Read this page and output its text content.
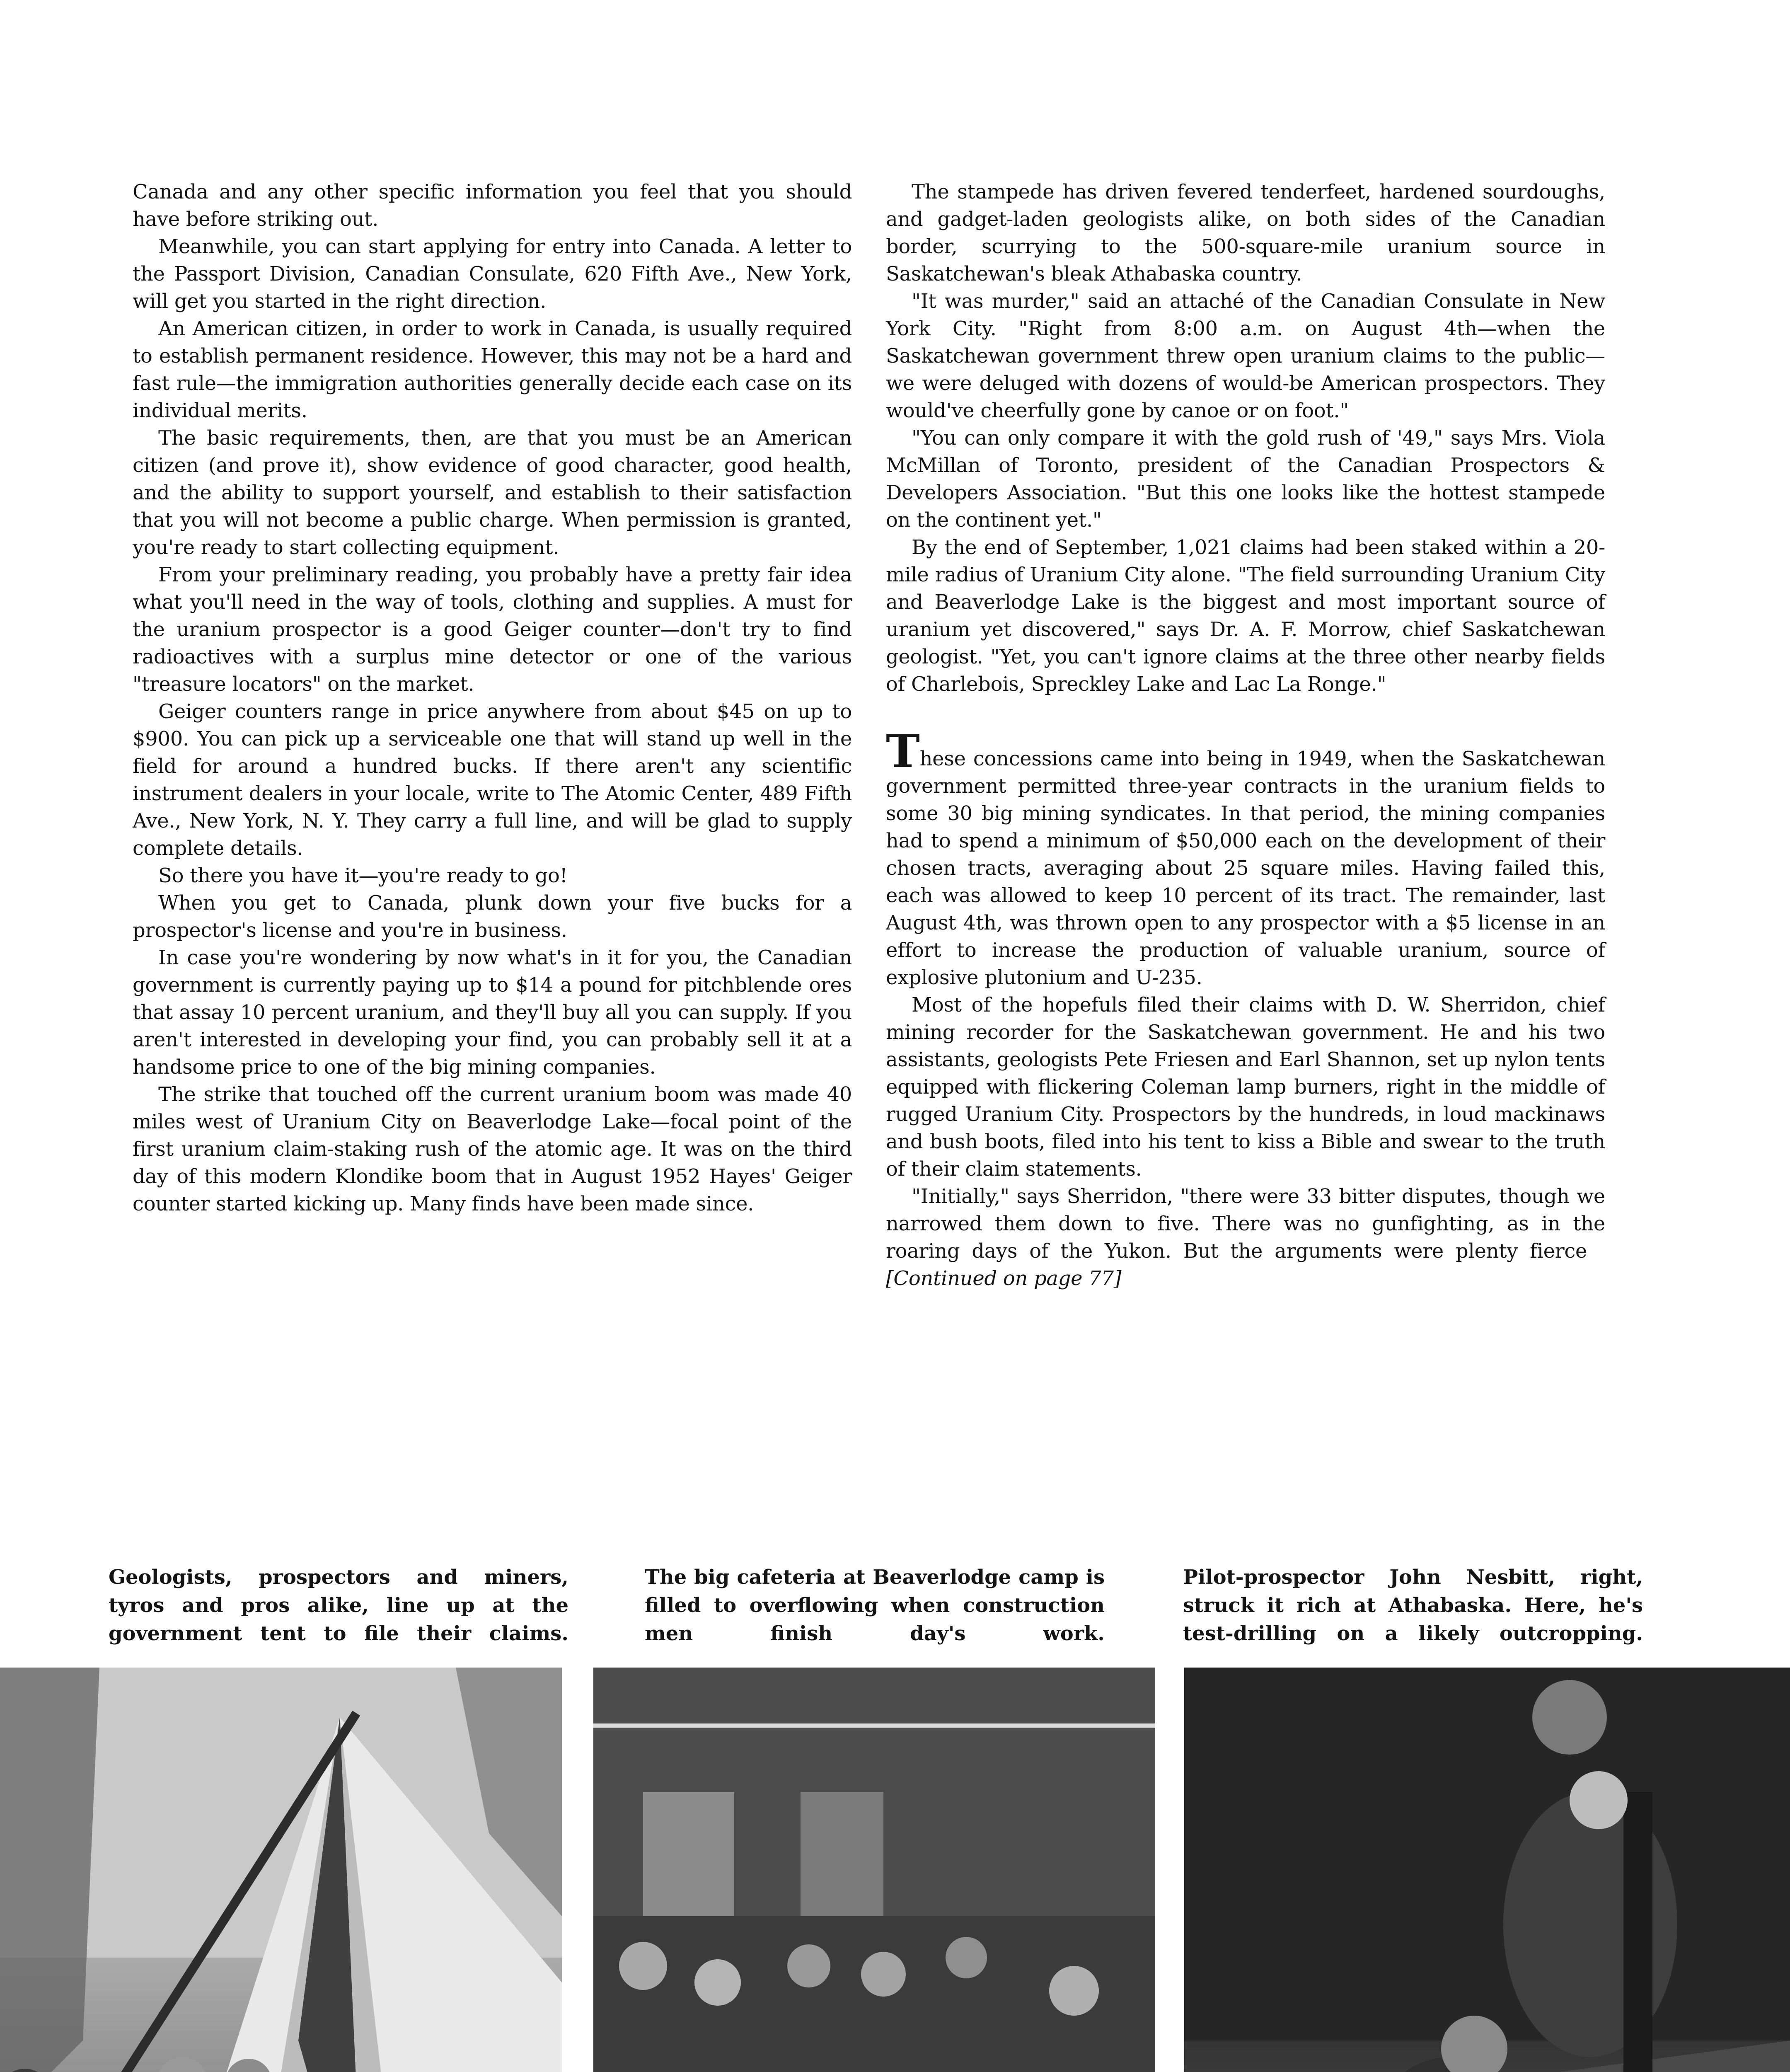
Canada and any other specific information you feel that you should have before striking out.

Meanwhile, you can start applying for entry into Canada. A letter to the Passport Division, Canadian Consulate, 620 Fifth Ave., New York, will get you started in the right direction.

An American citizen, in order to work in Canada, is usually required to establish permanent residence. However, this may not be a hard and fast rule—the immigration authorities generally decide each case on its individual merits.

The basic requirements, then, are that you must be an American citizen (and prove it), show evidence of good character, good health, and the ability to support yourself, and establish to their satisfaction that you will not become a public charge. When permission is granted, you're ready to start collecting equipment.

From your preliminary reading, you probably have a pretty fair idea what you'll need in the way of tools, clothing and supplies. A must for the uranium prospector is a good Geiger counter—don't try to find radioactives with a surplus mine detector or one of the various "treasure locators" on the market.

Geiger counters range in price anywhere from about $45 on up to $900. You can pick up a serviceable one that will stand up well in the field for around a hundred bucks. If there aren't any scientific instrument dealers in your locale, write to The Atomic Center, 489 Fifth Ave., New York, N. Y. They carry a full line, and will be glad to supply complete details.

So there you have it—you're ready to go!

When you get to Canada, plunk down your five bucks for a prospector's license and you're in business.

In case you're wondering by now what's in it for you, the Canadian government is currently paying up to $14 a pound for pitchblende ores that assay 10 percent uranium, and they'll buy all you can supply. If you aren't interested in developing your find, you can probably sell it at a handsome price to one of the big mining companies.

The strike that touched off the current uranium boom was made 40 miles west of Uranium City on Beaverlodge Lake—focal point of the first uranium claim-staking rush of the atomic age. It was on the third day of this modern Klondike boom that in August 1952 Hayes' Geiger counter started kicking up. Many finds have been made since.

The stampede has driven fevered tenderfeet, hardened sourdoughs, and gadget-laden geologists alike, on both sides of the Canadian border, scurrying to the 500-square-mile uranium source in Saskatchewan's bleak Athabaska country.

"It was murder," said an attaché of the Canadian Consulate in New York City. "Right from 8:00 a.m. on August 4th—when the Saskatchewan government threw open uranium claims to the public—we were deluged with dozens of would-be American prospectors. They would've cheerfully gone by canoe or on foot."

"You can only compare it with the gold rush of '49," says Mrs. Viola McMillan of Toronto, president of the Canadian Prospectors & Developers Association. "But this one looks like the hottest stampede on the continent yet."

By the end of September, 1,021 claims had been staked within a 20-mile radius of Uranium City alone. "The field surrounding Uranium City and Beaverlodge Lake is the biggest and most important source of uranium yet discovered," says Dr. A. F. Morrow, chief Saskatchewan geologist. "Yet, you can't ignore claims at the three other nearby fields of Charlebois, Spreckley Lake and Lac La Ronge."

These concessions came into being in 1949, when the Saskatchewan government permitted three-year contracts in the uranium fields to some 30 big mining syndicates. In that period, the mining companies had to spend a minimum of $50,000 each on the development of their chosen tracts, averaging about 25 square miles. Having failed this, each was allowed to keep 10 percent of its tract. The remainder, last August 4th, was thrown open to any prospector with a $5 license in an effort to increase the production of valuable uranium, source of explosive plutonium and U-235.

Most of the hopefuls filed their claims with D. W. Sherridon, chief mining recorder for the Saskatchewan government. He and his two assistants, geologists Pete Friesen and Earl Shannon, set up nylon tents equipped with flickering Coleman lamp burners, right in the middle of rugged Uranium City. Prospectors by the hundreds, in loud mackinaws and bush boots, filed into his tent to kiss a Bible and swear to the truth of their claim statements.

"Initially," says Sherridon, "there were 33 bitter disputes, though we narrowed them down to five. There was no gunfighting, as in the roaring days of the Yukon. But the arguments were plenty fierce   [Continued on page 77]

Geologists, prospectors and miners, tyros and pros alike, line up at the government tent to file their claims.
The big cafeteria at Beaverlodge camp is filled to overflowing when construction men finish day's work.
Pilot-prospector John Nesbitt, right, struck it rich at Athabaska. Here, he's test-drilling on a likely outcropping.
